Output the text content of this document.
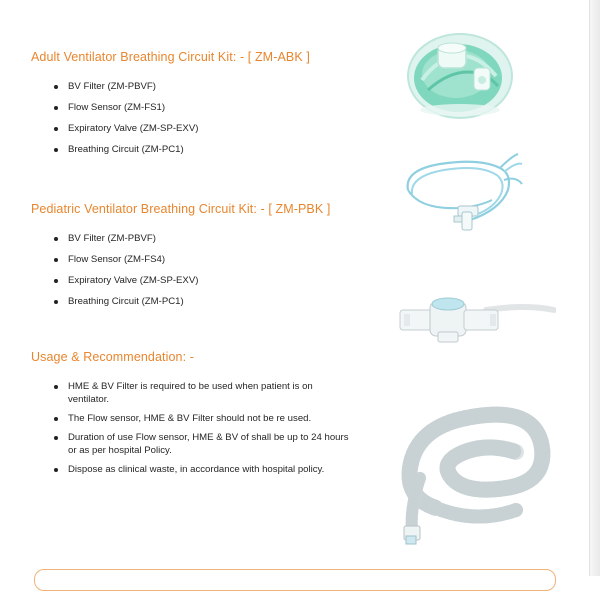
Adult Ventilator Breathing Circuit Kit: - [ ZM-ABK ]
BV Filter (ZM-PBVF)
Flow Sensor (ZM-FS1)
Expiratory Valve (ZM-SP-EXV)
Breathing Circuit (ZM-PC1)
Pediatric Ventilator Breathing Circuit Kit: - [ ZM-PBK ]
BV Filter (ZM-PBVF)
Flow Sensor (ZM-FS4)
Expiratory Valve (ZM-SP-EXV)
Breathing Circuit (ZM-PC1)
Usage & Recommendation: -
HME & BV Filter is required to be used when patient is on ventilator.
The Flow sensor, HME & BV Filter should not be re used.
Duration of use Flow sensor, HME & BV of shall be up to 24 hours or as per hospital Policy.
Dispose as clinical waste, in accordance with hospital policy.
